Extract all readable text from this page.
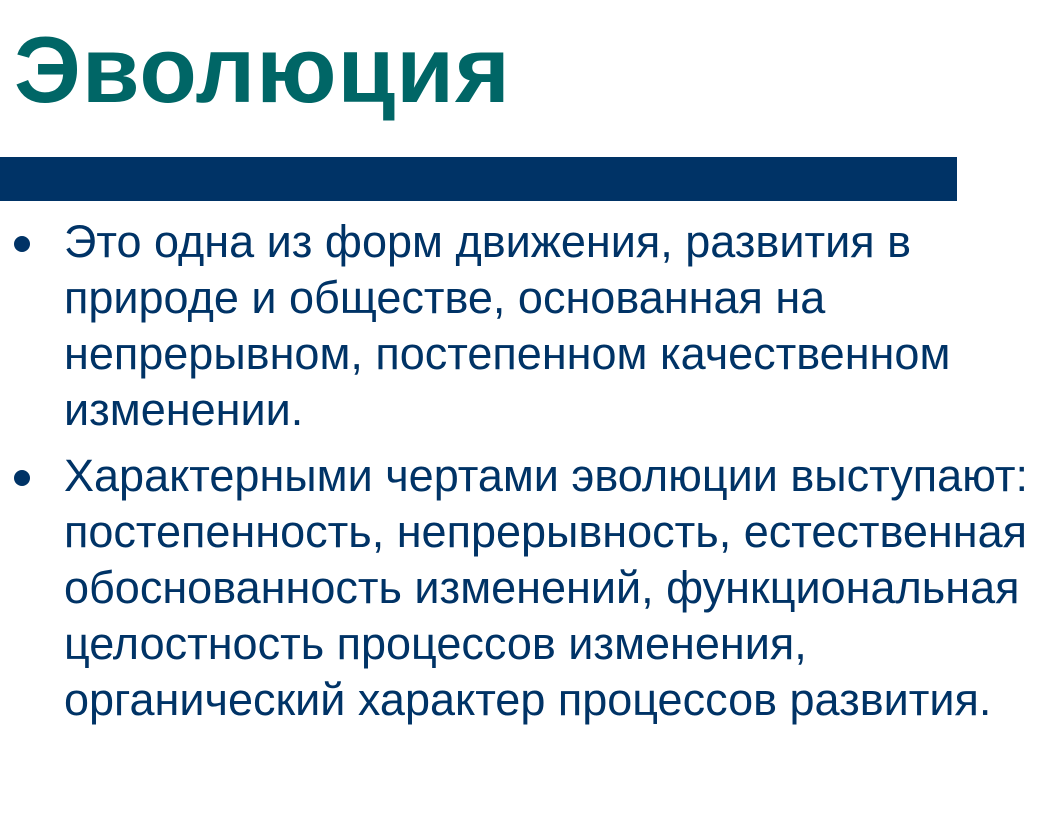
Эволюция
Это одна из форм движения, развития в природе и обществе, основанная на непрерывном, постепенном качественном изменении.
Характерными чертами эволюции выступают: постепенность, непрерывность, естественная обоснованность изменений, функциональная целостность процессов изменения, органический характер процессов развития.
